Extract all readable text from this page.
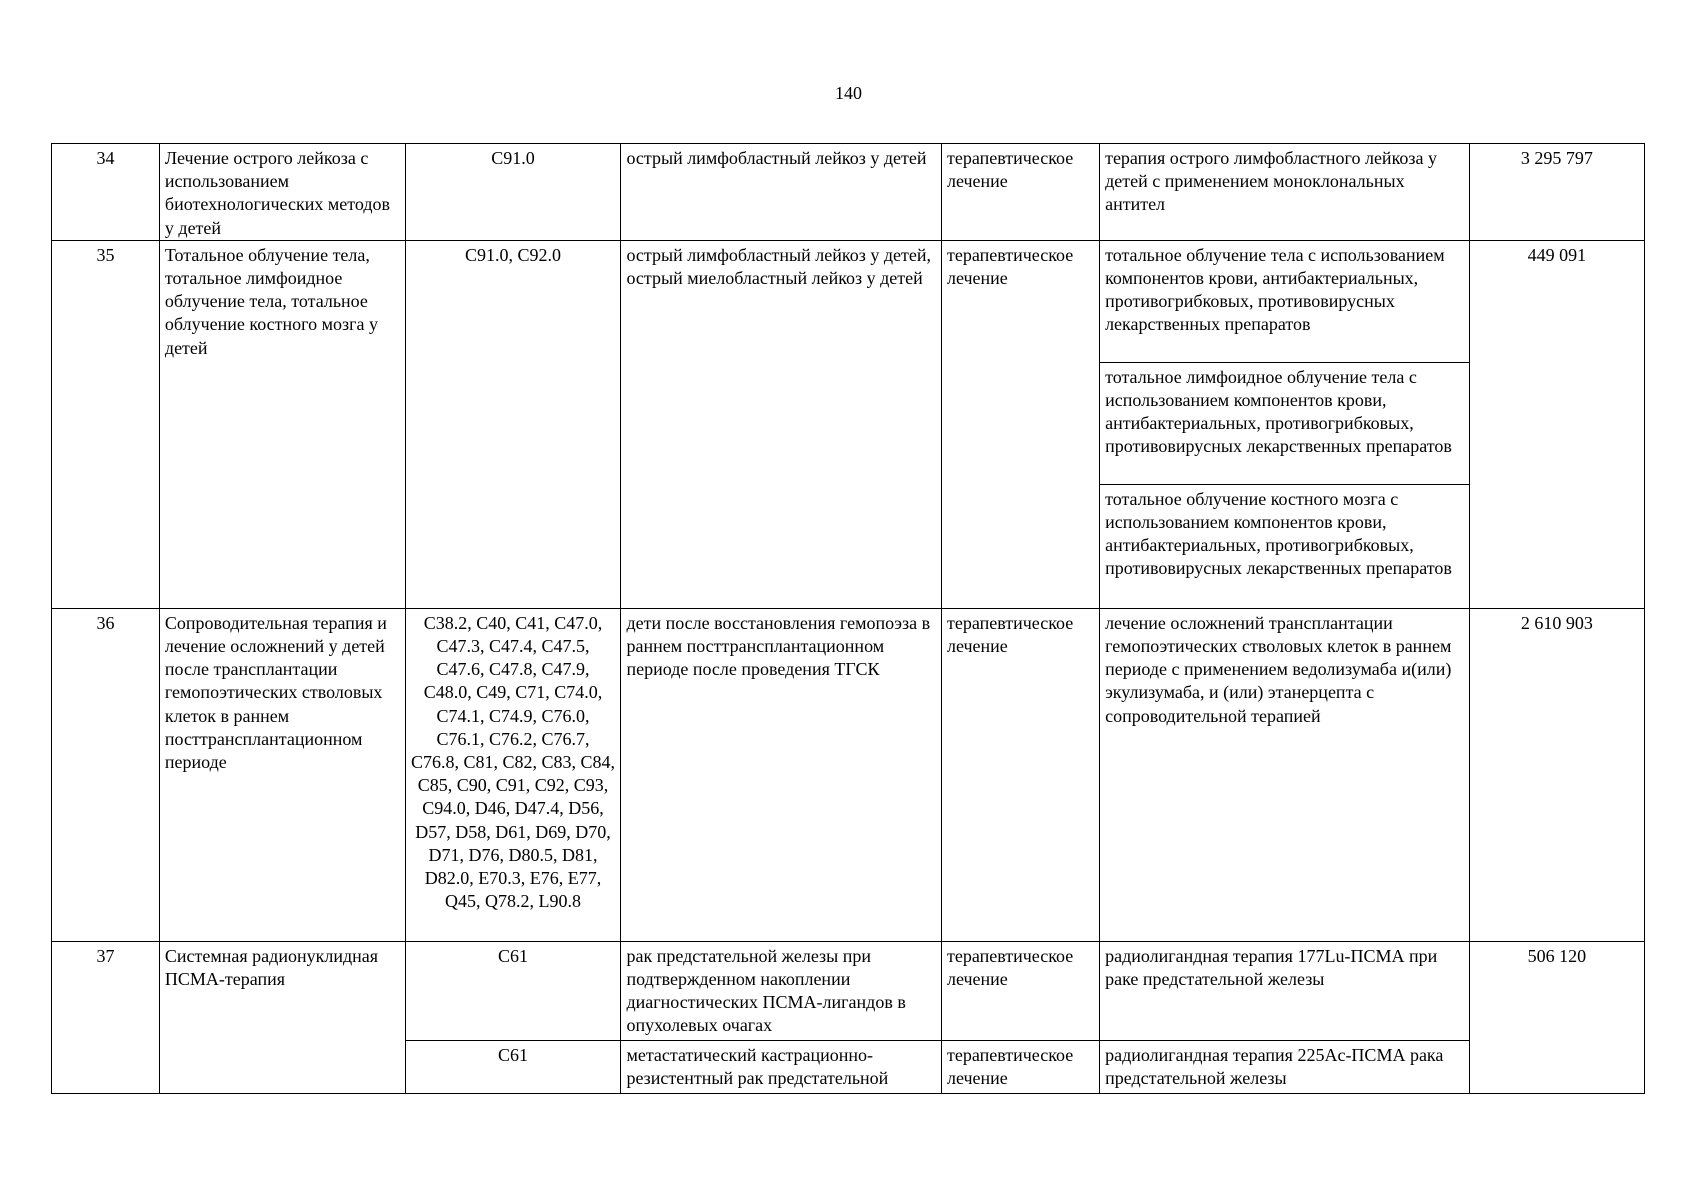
140
34	Лечение острого лейкоза с использованием биотехнологических методов у детей	С91.0	острый лимфобластный лейкоз у детей	терапевтическое лечение	терапия острого лимфобластного лейкоза у детей с применением моноклональных антител	3 295 797
35	Тотальное облучение тела, тотальное лимфоидное облучение тела, тотальное облучение костного мозга у детей	С91.0, С92.0	острый лимфобластный лейкоз у детей, острый миелобластный лейкоз у детей	терапевтическое лечение	тотальное облучение тела с использованием компонентов крови, антибактериальных, противогрибковых, противовирусных лекарственных препаратов	449 091
					тотальное лимфоидное облучение тела с использованием компонентов крови, антибактериальных, противогрибковых, противовирусных лекарственных препаратов	
					тотальное облучение костного мозга с использованием компонентов крови, антибактериальных, противогрибковых, противовирусных лекарственных препаратов	
36	Сопроводительная терапия и лечение осложнений у детей после трансплантации гемопоэтических стволовых клеток в раннем посттрансплантационном периоде	С38.2, С40, С41, С47.0, С47.3, С47.4, С47.5, С47.6, С47.8, С47.9, С48.0, С49, С71, С74.0, С74.1, С74.9, С76.0, С76.1, С76.2, С76.7, С76.8, С81, С82, С83, С84, С85, С90, С91, С92, С93, С94.0, D46, D47.4, D56, D57, D58, D61, D69, D70, D71, D76, D80.5, D81, D82.0, E70.3, E76, E77, Q45, Q78.2, L90.8	дети после восстановления гемопоэза в раннем посттрансплантационном периоде после проведения ТГСК	терапевтическое лечение	лечение осложнений трансплантации гемопоэтических стволовых клеток в раннем периоде с применением ведолизумаба и(или) экулизумаба, и (или) этанерцепта с сопроводительной терапией	2 610 903
37	Системная радионуклидная ПСМА-терапия	С61	рак предстательной железы при подтвержденном накоплении диагностических ПСМА-лигандов в опухолевых очагах	терапевтическое лечение	радиолигандная терапия 177Lu-ПСМА при раке предстательной железы	506 120
		С61	метастатический кастрационно-резистентный рак предстательной	терапевтическое лечение	радиолигандная терапия 225Ac-ПСМА рака предстательной железы	
